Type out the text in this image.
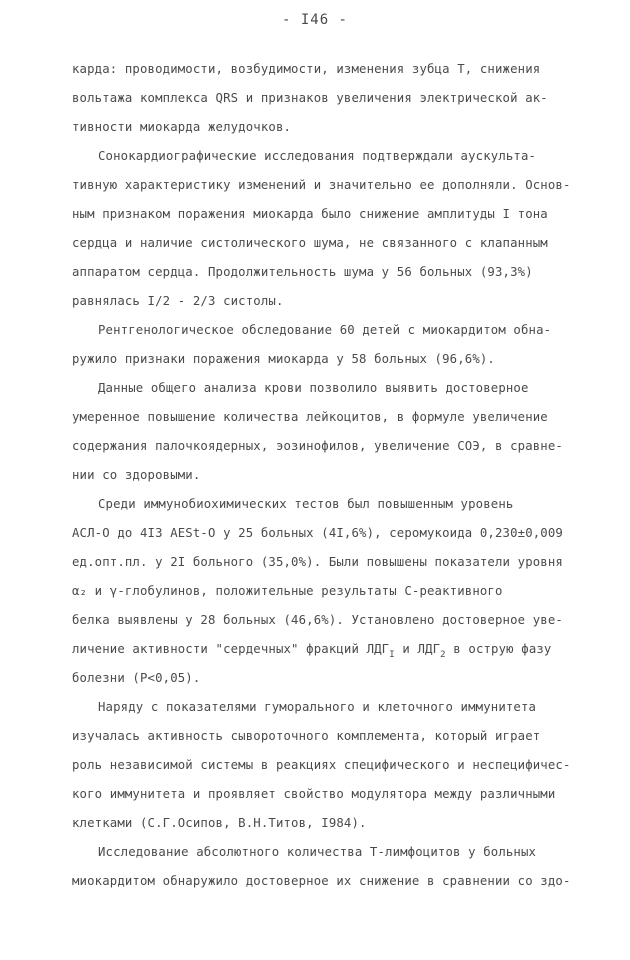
- I46 -
карда: проводимости, возбудимости, изменения зубца Т, снижения
вольтажа комплекса QRS и признаков увеличения электрической ак-
тивности миокарда желудочков.
Сонокардиографические исследования подтверждали аускульта-
тивную характеристику изменений и значительно ее дополняли. Основ-
ным признаком поражения миокарда было снижение амплитуды I тона
сердца и наличие систолического шума, не связанного с клапанным
аппаратом сердца. Продолжительность шума у 56 больных (93,3%)
равнялась I/2 - 2/3 систолы.
Рентгенологическое обследование 60 детей с миокардитом обна-
ружило признаки поражения миокарда у 58 больных (96,6%).
Данные общего анализа крови позволило выявить достоверное
умеренное повышение количества лейкоцитов, в формуле увеличение
содержания палочкоядерных, эозинофилов, увеличение СОЭ, в сравне-
нии со здоровыми.
Среди иммунобиохимических тестов был повышенным уровень
АСЛ-О до 4I3 АЕSt-О у 25 больных (4I,6%), серомукоида 0,230±0,009
ед.опт.пл. у 2I больного (35,0%). Были повышены показатели уровня
α₂ и γ-глобулинов, положительные результаты С-реактивного
белка выявлены у 28 больных (46,6%). Установлено достоверное уве-
личение активности "сердечных" фракций $ЛДГ_I$ и $ЛДГ_2$ в острую фазу
болезни (Р<0,05).
Наряду с показателями гуморального и клеточного иммунитета
изучалась активность сывороточного комплемента, который играет
роль независимой системы в реакциях специфического и неспецифичес-
кого иммунитета и проявляет свойство модулятора между различными
клетками (С.Г.Осипов, В.Н.Титов, I984).
Исследование абсолютного количества Т-лимфоцитов у больных
миокардитом обнаружило достоверное их снижение в сравнении со здо-
